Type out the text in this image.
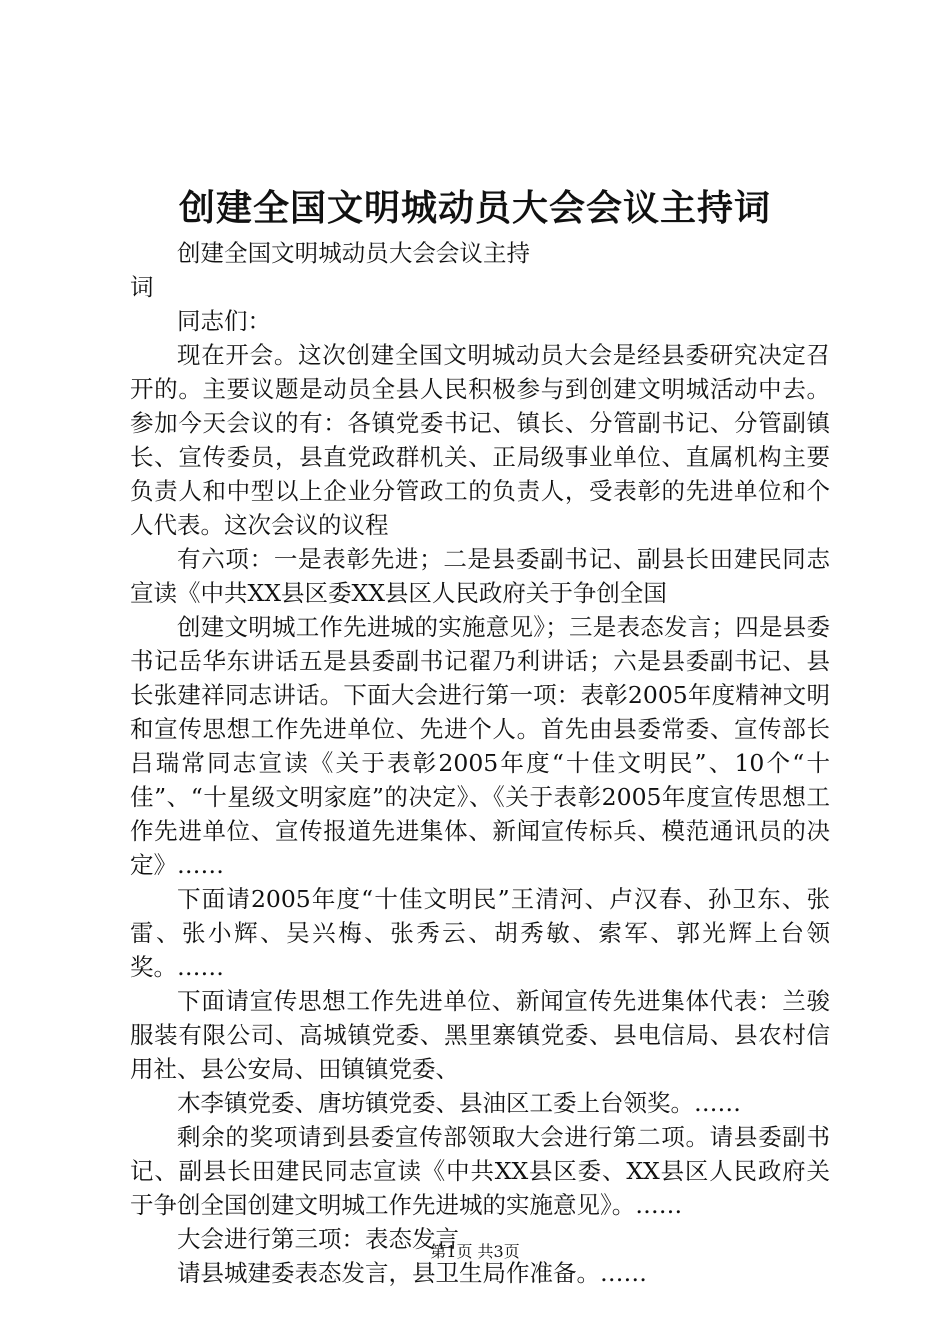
创建全国文明城动员大会会议主持词

创建全国文明城动员大会会议主持词

同志们：

现在开会。这次创建全国文明城动员大会是经县委研究决定召开的。主要议题是动员全县人民积极参与到创建文明城活动中去。参加今天会议的有：各镇党委书记、镇长、分管副书记、分管副镇长、宣传委员，县直党政群机关、正局级事业单位、直属机构主要负责人和中型以上企业分管政工的负责人，受表彰的先进单位和个人代表。这次会议的议程

有六项：一是表彰先进；二是县委副书记、副县长田建民同志宣读《中共XX县区委XX县区人民政府关于争创全国

创建文明城工作先进城的实施意见》；三是表态发言；四是县委书记岳华东讲话五是县委副书记翟乃利讲话；六是县委副书记、县长张建祥同志讲话。下面大会进行第一项：表彰2005年度精神文明和宣传思想工作先进单位、先进个人。首先由县委常委、宣传部长吕瑞常同志宣读《关于表彰2005年度“十佳文明民”、10个“十佳”、“十星级文明家庭”的决定》、《关于表彰2005年度宣传思想工作先进单位、宣传报道先进集体、新闻宣传标兵、模范通讯员的决定》……

下面请2005年度“十佳文明民”王清河、卢汉春、孙卫东、张雷、张小辉、吴兴梅、张秀云、胡秀敏、索军、郭光辉上台领奖。……

下面请宣传思想工作先进单位、新闻宣传先进集体代表：兰骏服装有限公司、高城镇党委、黑里寨镇党委、县电信局、县农村信用社、县公安局、田镇镇党委、

木李镇党委、唐坊镇党委、县油区工委上台领奖。……

剩余的奖项请到县委宣传部领取大会进行第二项。请县委副书记、副县长田建民同志宣读《中共XX县区委、XX县区人民政府关于争创全国创建文明城工作先进城的实施意见》。……

大会进行第三项：表态发言

请县城建委表态发言，县卫生局作准备。……

第1页 共3页
